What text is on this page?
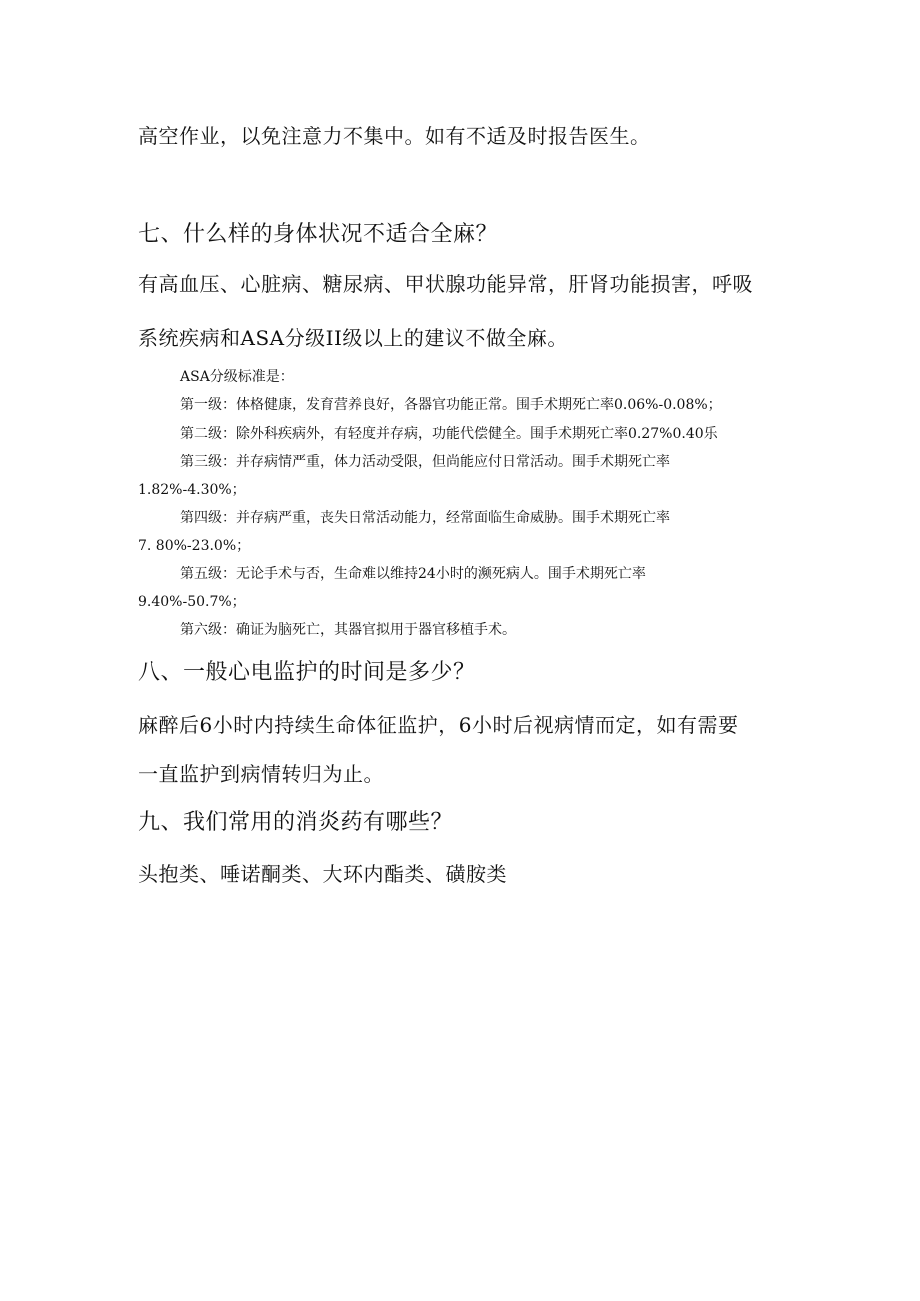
高空作业，以免注意力不集中。如有不适及时报告医生。

七、什么样的身体状况不适合全麻？

有高血压、心脏病、糖尿病、甲状腺功能异常，肝肾功能损害，呼吸

系统疾病和ASA分级II级以上的建议不做全麻。

ASA分级标准是：

第一级：体格健康，发育营养良好，各器官功能正常。围手术期死亡率0.06%-0.08%；

第二级：除外科疾病外，有轻度并存病，功能代偿健全。围手术期死亡率0.27%0.40乐

第三级：并存病情严重，体力活动受限，但尚能应付日常活动。围手术期死亡率

1.82%-4.30%；

第四级：并存病严重，丧失日常活动能力，经常面临生命威胁。围手术期死亡率

7. 80%-23.0%；

第五级：无论手术与否，生命难以维持24小时的濒死病人。围手术期死亡率

9.40%-50.7%；

第六级：确证为脑死亡，其器官拟用于器官移植手术。

八、一般心电监护的时间是多少？

麻醉后6小时内持续生命体征监护，6小时后视病情而定，如有需要

一直监护到病情转归为止。

九、我们常用的消炎药有哪些？

头抱类、唾诺酮类、大环内酯类、磺胺类
